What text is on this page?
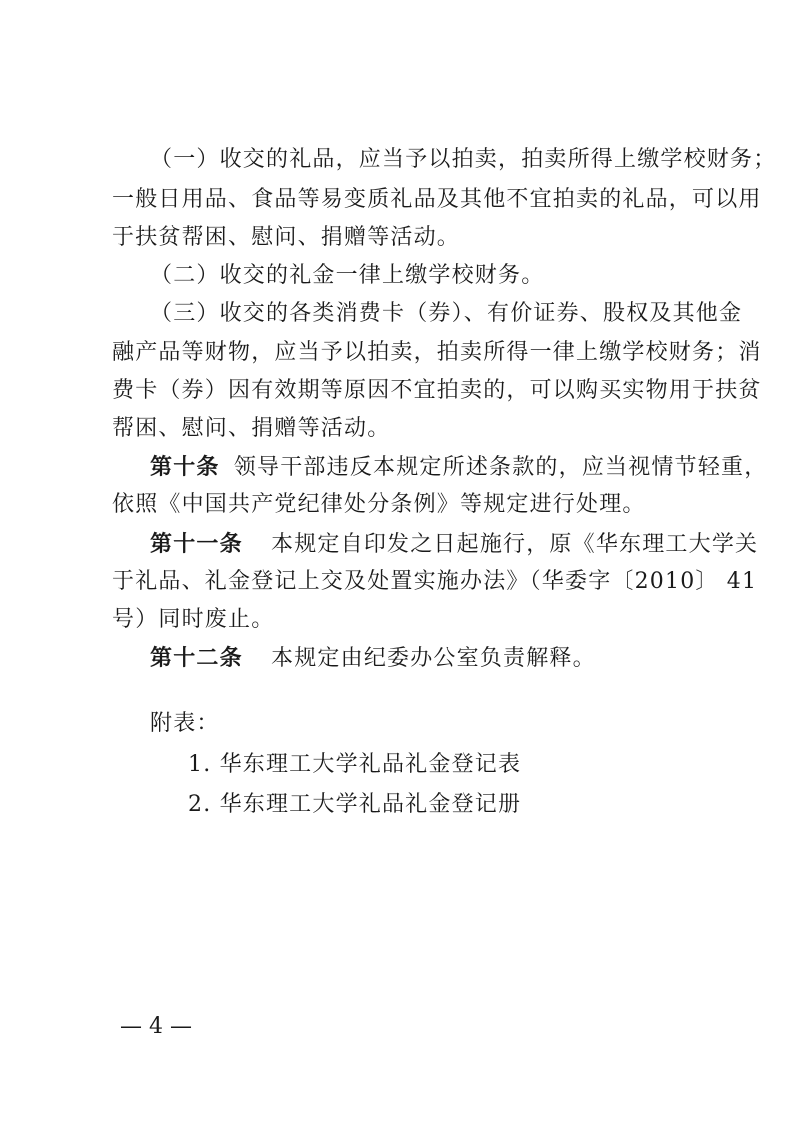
（一）收交的礼品，应当予以拍卖，拍卖所得上缴学校财务；
一般日用品、食品等易变质礼品及其他不宜拍卖的礼品，可以用
于扶贫帮困、慰问、捐赠等活动。
（二）收交的礼金一律上缴学校财务。
（三）收交的各类消费卡（券）、有价证券、股权及其他金
融产品等财物，应当予以拍卖，拍卖所得一律上缴学校财务；消
费卡（券）因有效期等原因不宜拍卖的，可以购买实物用于扶贫
帮困、慰问、捐赠等活动。
第十条 领导干部违反本规定所述条款的，应当视情节轻重，
依照《中国共产党纪律处分条例》等规定进行处理。
第十一条 本规定自印发之日起施行，原《华东理工大学关
于礼品、礼金登记上交及处置实施办法》（华委字〔2010〕 41
号）同时废止。
第十二条 本规定由纪委办公室负责解释。
附表：
1. 华东理工大学礼品礼金登记表
2. 华东理工大学礼品礼金登记册
— 4 —
